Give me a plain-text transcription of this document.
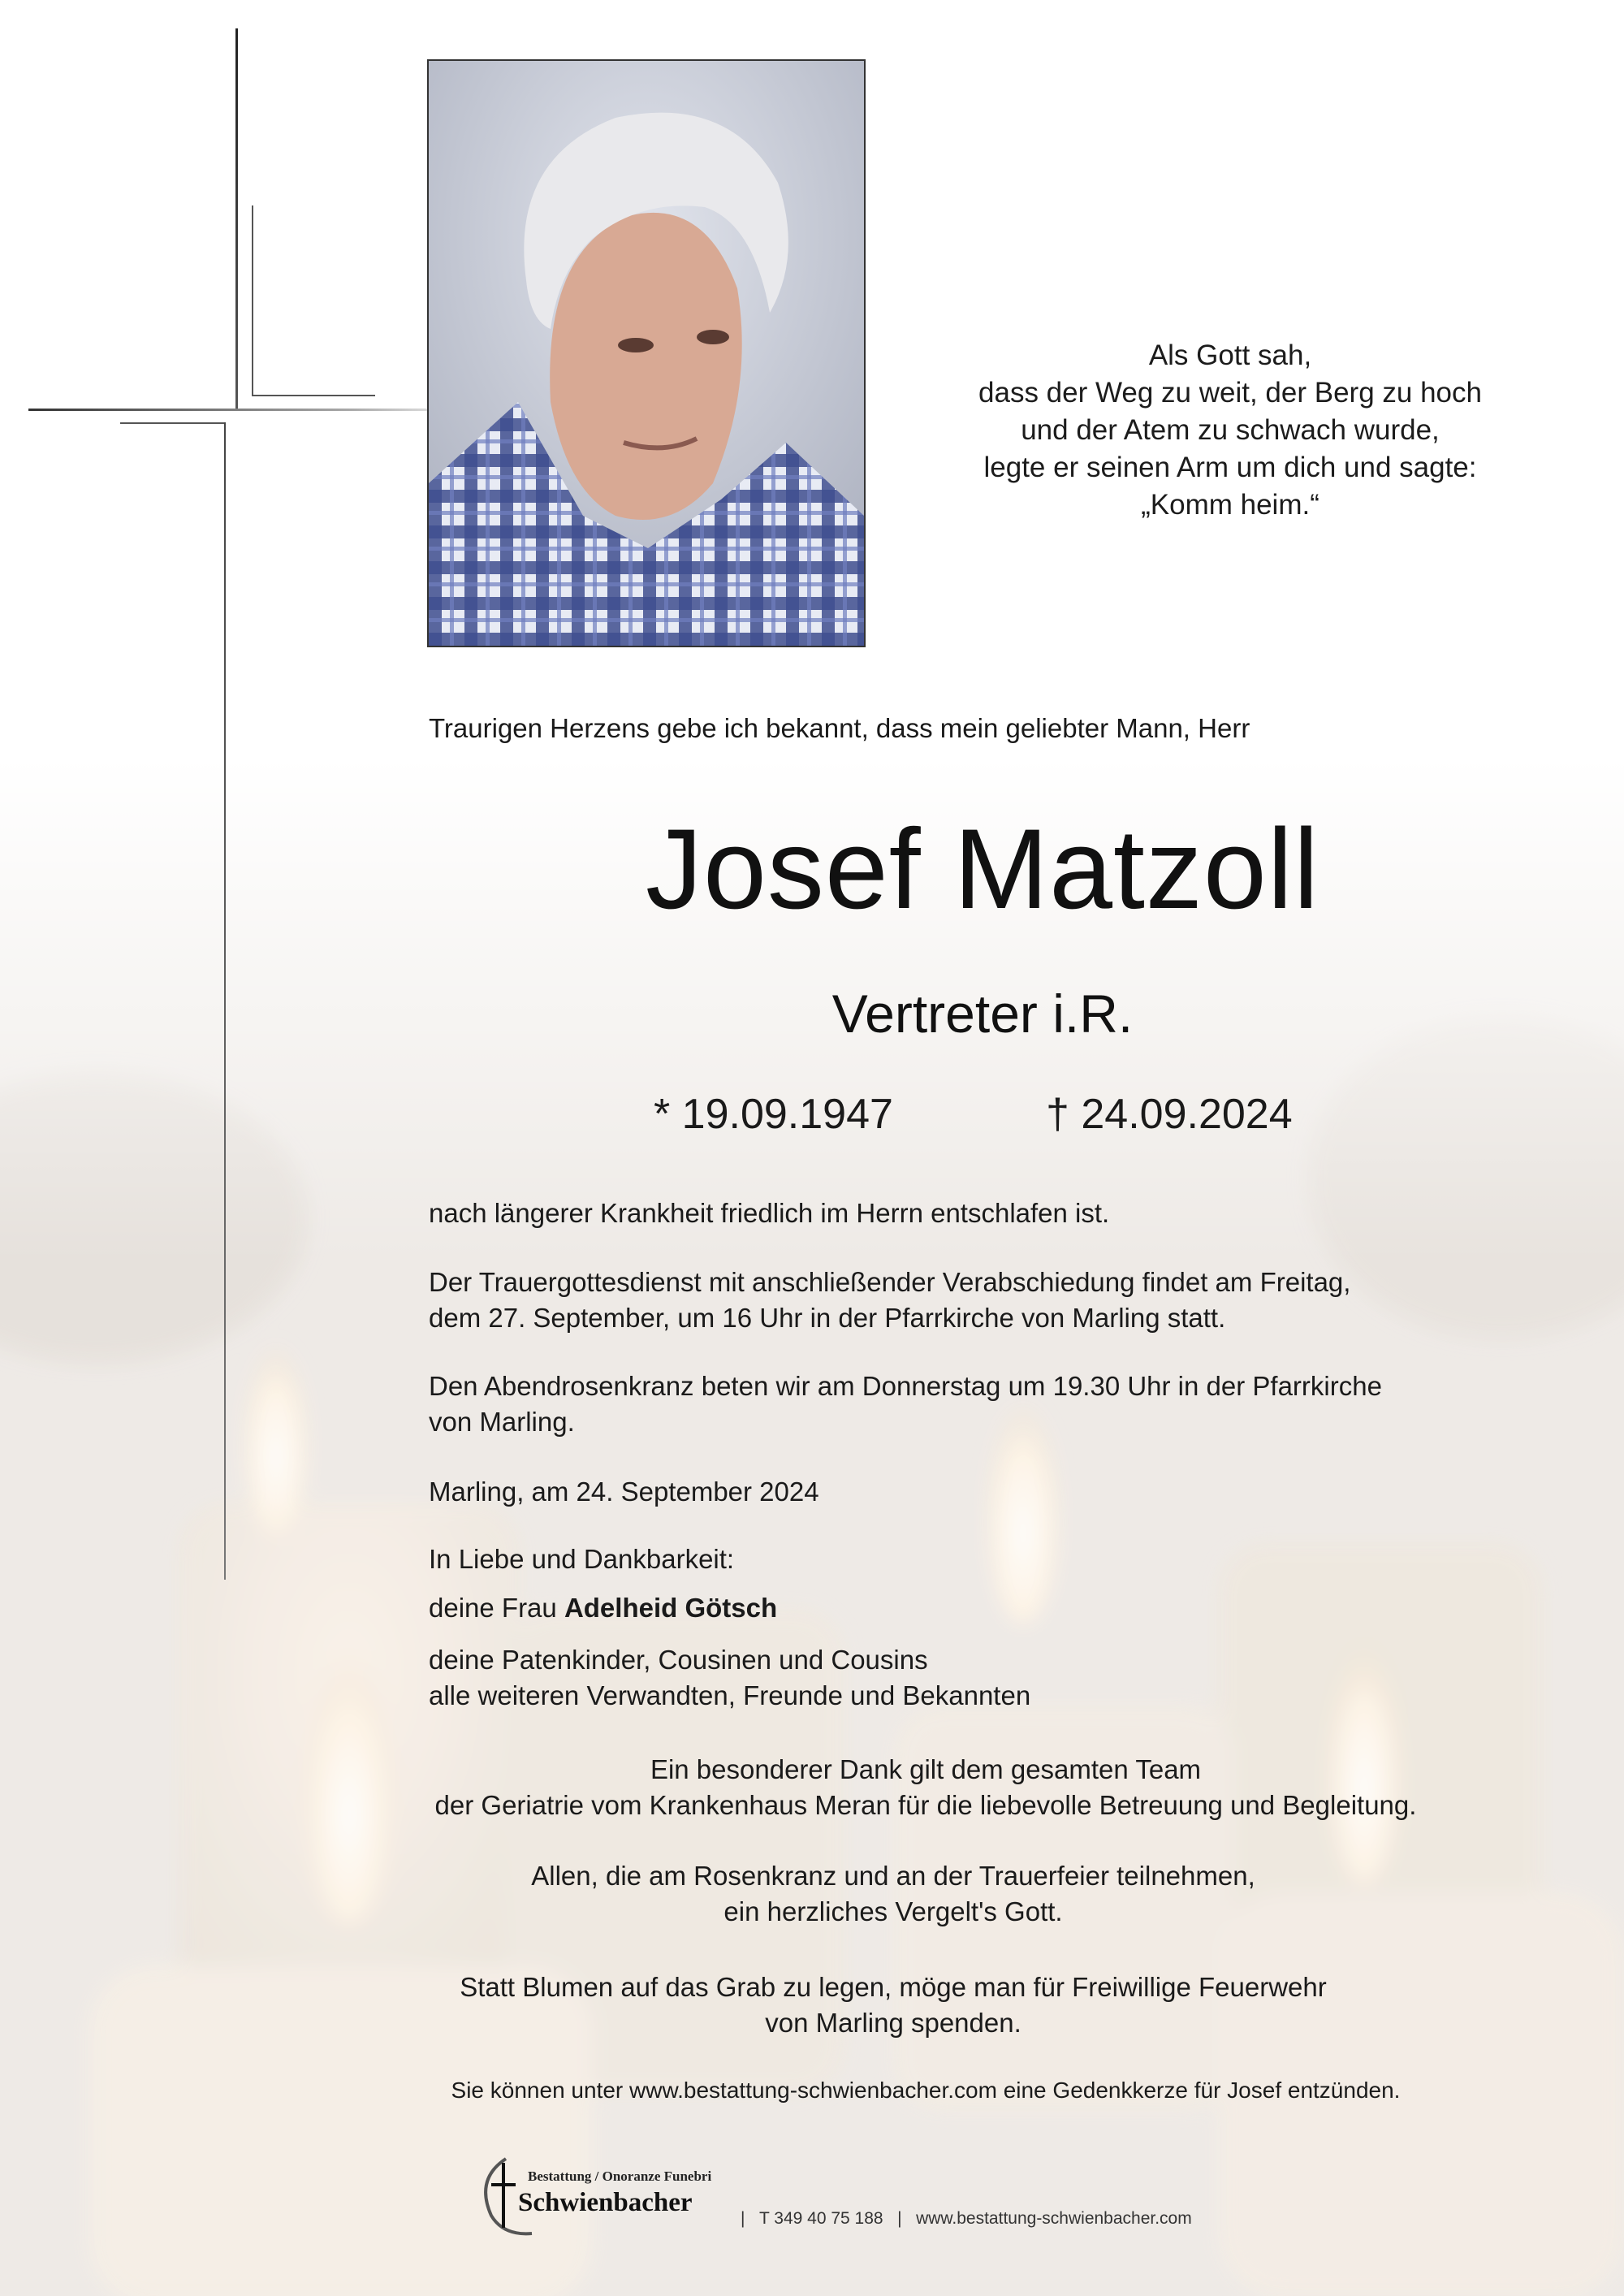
Als Gott sah,
dass der Weg zu weit, der Berg zu hoch
und der Atem zu schwach wurde,
legte er seinen Arm um dich und sagte:
„Komm heim.“
Traurigen Herzens gebe ich bekannt, dass mein geliebter Mann, Herr
Josef Matzoll
Vertreter i.R.
* 19.09.1947	† 24.09.2024
nach längerer Krankheit friedlich im Herrn entschlafen ist.
Der Trauergottesdienst mit anschließender Verabschiedung findet am Freitag,
dem 27. September, um 16 Uhr in der Pfarrkirche von Marling statt.
Den Abendrosenkranz beten wir am Donnerstag um 19.30 Uhr in der Pfarrkirche
von Marling.
Marling, am 24. September 2024
In Liebe und Dankbarkeit:
deine Frau Adelheid Götsch
deine Patenkinder, Cousinen und Cousins
alle weiteren Verwandten, Freunde und Bekannten
Ein besonderer Dank gilt dem gesamten Team
der Geriatrie vom Krankenhaus Meran für die liebevolle Betreuung und Begleitung.
Allen, die am Rosenkranz und an der Trauerfeier teilnehmen,
ein herzliches Vergelt's Gott.
Statt Blumen auf das Grab zu legen, möge man für Freiwillige Feuerwehr
von Marling spenden.
Sie können unter www.bestattung-schwienbacher.com eine Gedenkkerze für Josef entzünden.
Bestattung / Onoranze Funebri
Schwienbacher
| T 349 40 75 188 | www.bestattung-schwienbacher.com
